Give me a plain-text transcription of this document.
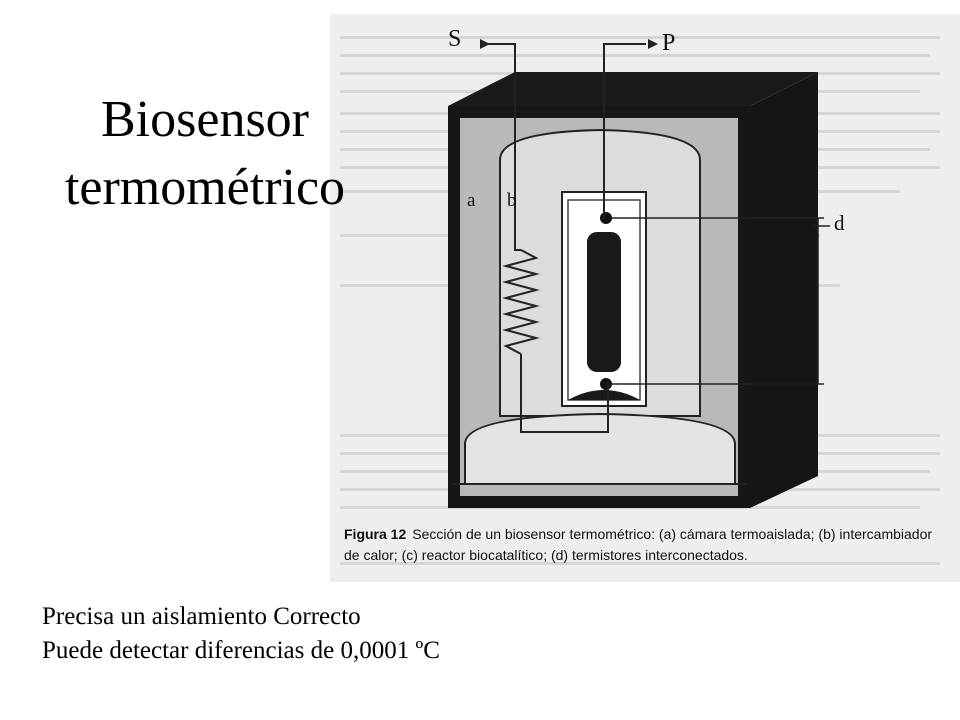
S	P
a b
d
Figura 12 Sección de un biosensor termométrico: (a) cámara termoaislada; (b) intercambiador de calor; (c) reactor biocatalítico; (d) termistores interconectados.
Biosensor
termométrico
Precisa un aislamiento Correcto
Puede detectar diferencias de 0,0001 ºC
